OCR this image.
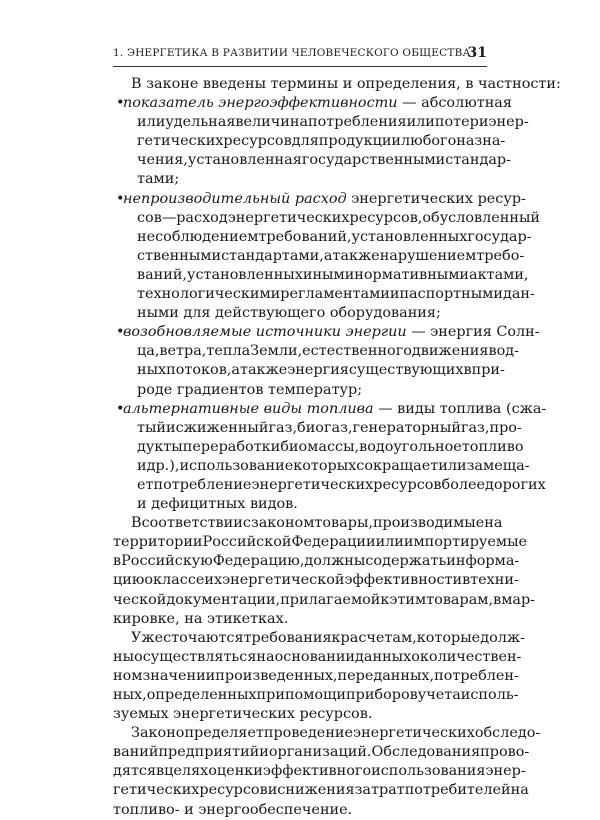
1. ЭНЕРГЕТИКА В РАЗВИТИИ ЧЕЛОВЕЧЕСКОГО ОБЩЕСТВА
31
В законе введены термины и определения, в частности:
•
показатель энергоэффективности — абсолютная
или удельная величина потребления или потери энер-
гетических ресурсов для продукции любого назна-
чения, установленная государственными стандар-
тами;
•
непроизводительный расход энергетических ресур-
сов — расход энергетических ресурсов, обусловленный
несоблюдением требований, установленных государ-
ственными стандартами, а также нарушением требо-
ваний, установленных иными нормативными актами,
технологическими регламентами и паспортными дан-
ными для действующего оборудования;
•
возобновляемые источники энергии — энергия Солн-
ца, ветра, тепла Земли, естественного движения вод-
ных потоков, а также энергия существующих в при-
роде градиентов температур;
•
альтернативные виды топлива — виды топлива (сжа-
тый и сжиженный газ, биогаз, генераторный газ, про-
дукты переработки биомассы, водоугольное топливо
и др.), использование которых сокращает или замеща-
ет потребление энергетических ресурсов более дорогих
и дефицитных видов.
В соответствии с законом товары, производимые на
территории Российской Федерации или импортируемые
в Российскую Федерацию, должны содержать информа-
цию о классе их энергетической эффективности в техни-
ческой документации, прилагаемой к этим товарам, в мар-
кировке, на этикетках.
Ужесточаются требования к расчетам, которые долж-
ны осуществляться на основании данных о количествен-
ном значении произведенных, переданных, потреблен-
ных, определенных при помощи приборов учета исполь-
зуемых энергетических ресурсов.
Закон определяет проведение энергетических обследо-
ваний предприятий и организаций. Обследования прово-
дятся в целях оценки эффективного использования энер-
гетических ресурсов и снижения затрат потребителей на
топливо- и энергообеспечение.
